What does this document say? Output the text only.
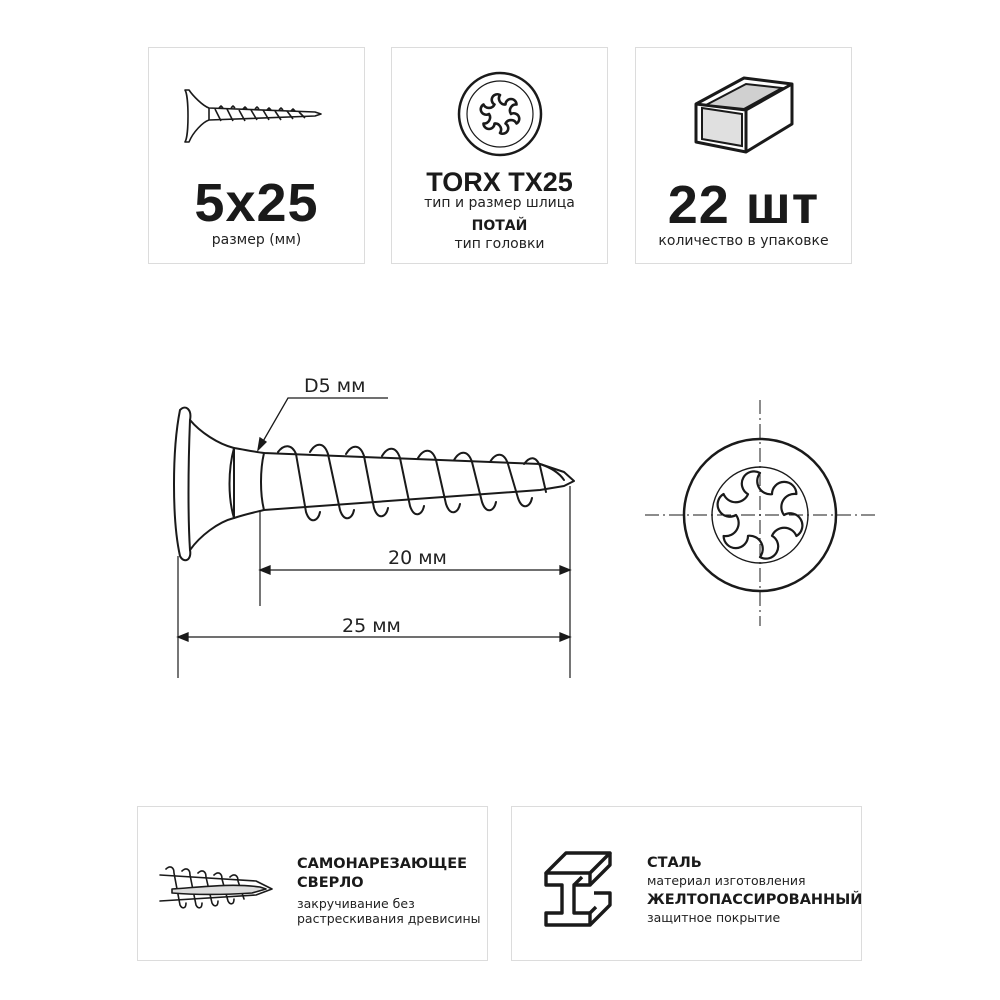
5x25
размер (мм)
TORX TX25
тип и размер шлица
ПОТАЙ
тип головки
22 шт
количество в упаковке
D5 мм
20 мм
25 мм
САМОНАРЕЗАЮЩЕЕ
СВЕРЛО
закручивание без
растрескивания древисины
СТАЛЬ
материал изготовления
ЖЕЛТОПАССИРОВАННЫЙ
защитное покрытие
